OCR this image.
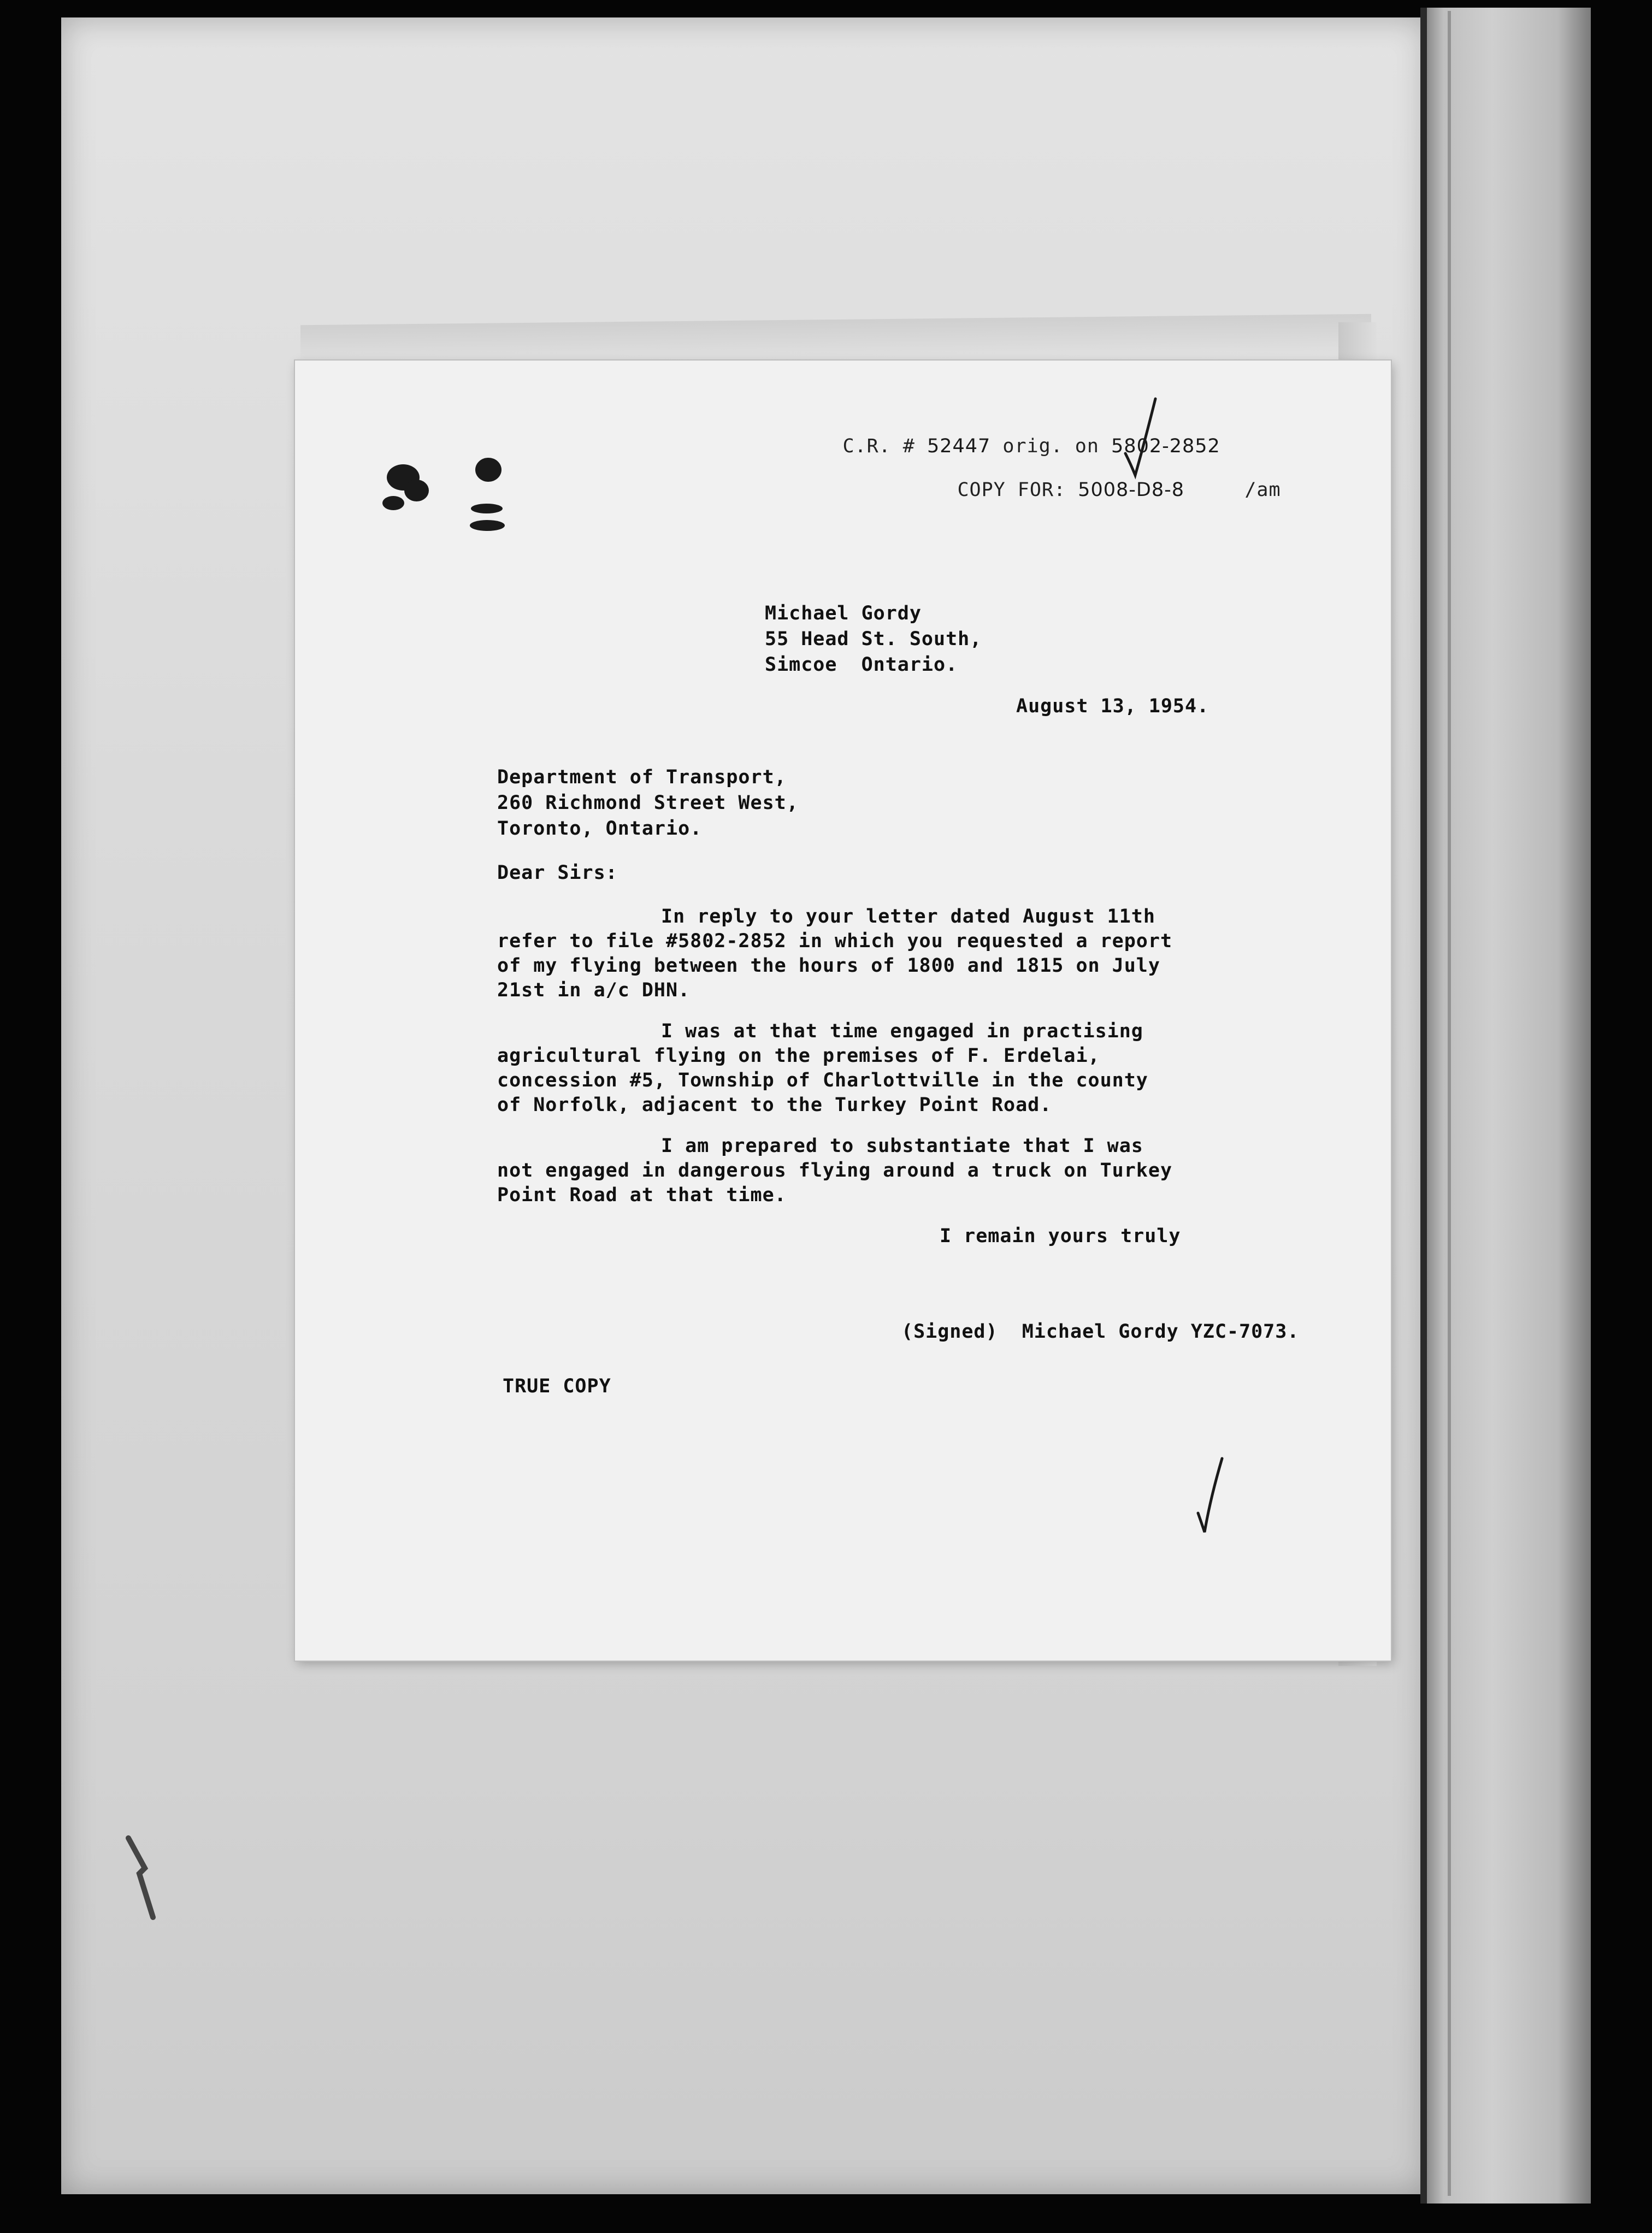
C.R. # 52447 orig. on 5802-2852

COPY FOR: 5008-D8-8	/am

Michael Gordy
55 Head St. South,
Simcoe  Ontario.
August 13, 1954.
Department of Transport,
260 Richmond Street West,
Toronto, Ontario.
Dear Sirs:
In reply to your letter dated August 11th
refer to file #5802-2852 in which you requested a report
of my flying between the hours of 1800 and 1815 on July
21st in a/c DHN.
I was at that time engaged in practising
agricultural flying on the premises of F. Erdelai,
concession #5, Township of Charlottville in the county
of Norfolk, adjacent to the Turkey Point Road.
I am prepared to substantiate that I was
not engaged in dangerous flying around a truck on Turkey
Point Road at that time.
I remain yours truly
(Signed)  Michael Gordy YZC-7073.
TRUE COPY
